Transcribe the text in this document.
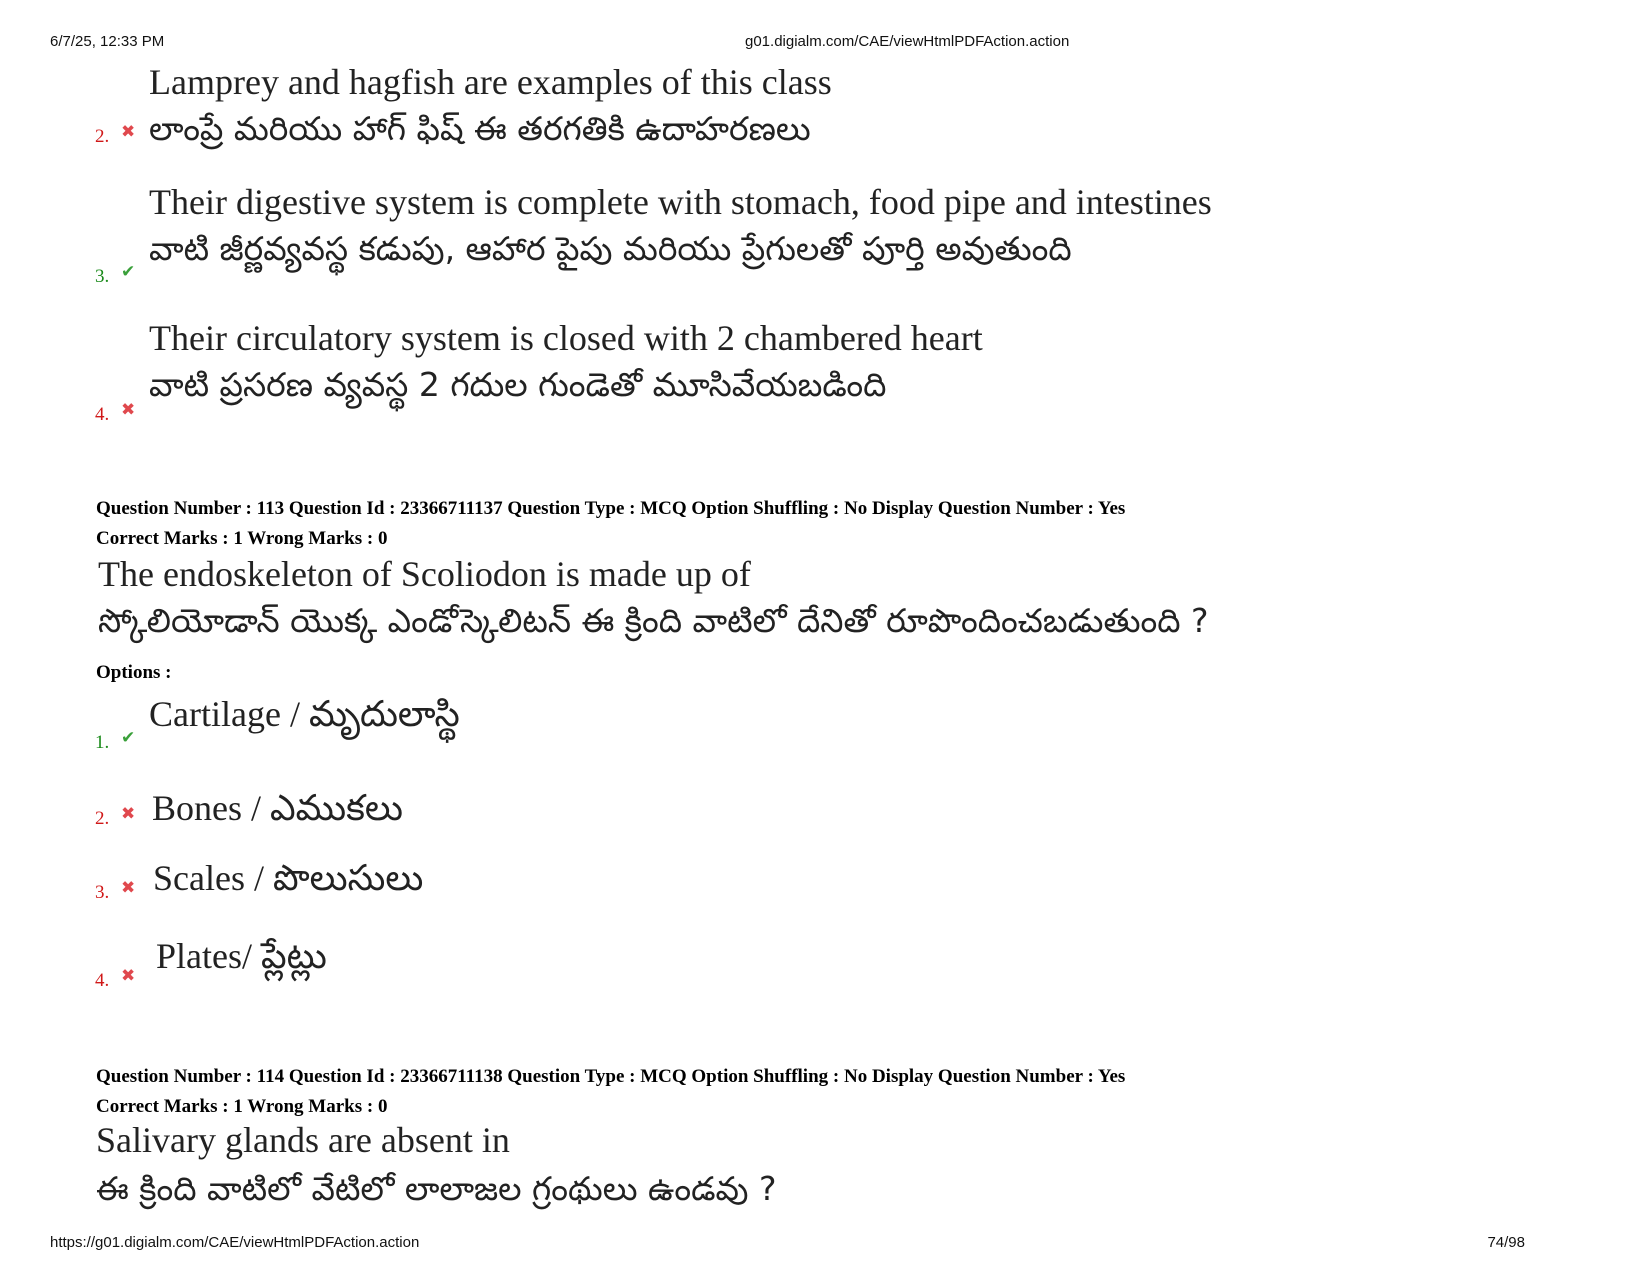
6/7/25, 12:33 PM	g01.digialm.com/CAE/viewHtmlPDFAction.action
https://g01.digialm.com/CAE/viewHtmlPDFAction.action	74/98
Lamprey and hagfish are examples of this class
లాంప్రే మరియు హాగ్ ఫిష్ ఈ తరగతికి ఉదాహరణలు
2. ✖
Their digestive system is complete with stomach, food pipe and intestines
వాటి జీర్ణవ్యవస్థ కడుపు, ఆహార పైపు మరియు ప్రేగులతో పూర్తి అవుతుంది
3. ✔
Their circulatory system is closed with 2 chambered heart
వాటి ప్రసరణ వ్యవస్థ 2 గదుల గుండెతో మూసివేయబడింది
4. ✖
Question Number : 113 Question Id : 23366711137 Question Type : MCQ Option Shuffling : No Display Question Number : Yes
Correct Marks : 1 Wrong Marks : 0
The endoskeleton of Scoliodon is made up of
స్కోలియోడాన్ యొక్క ఎండోస్కెలిటన్ ఈ క్రింది వాటిలో దేనితో రూపొందించబడుతుంది ?
Options :
Cartilage / మృదులాస్థి
1. ✔
Bones / ఎముకలు
2. ✖
Scales / పొలుసులు
3. ✖
Plates/ ప్లేట్లు
4. ✖
Question Number : 114 Question Id : 23366711138 Question Type : MCQ Option Shuffling : No Display Question Number : Yes
Correct Marks : 1 Wrong Marks : 0
Salivary glands are absent in
ఈ క్రింది వాటిలో వేటిలో లాలాజల గ్రంథులు ఉండవు ?
